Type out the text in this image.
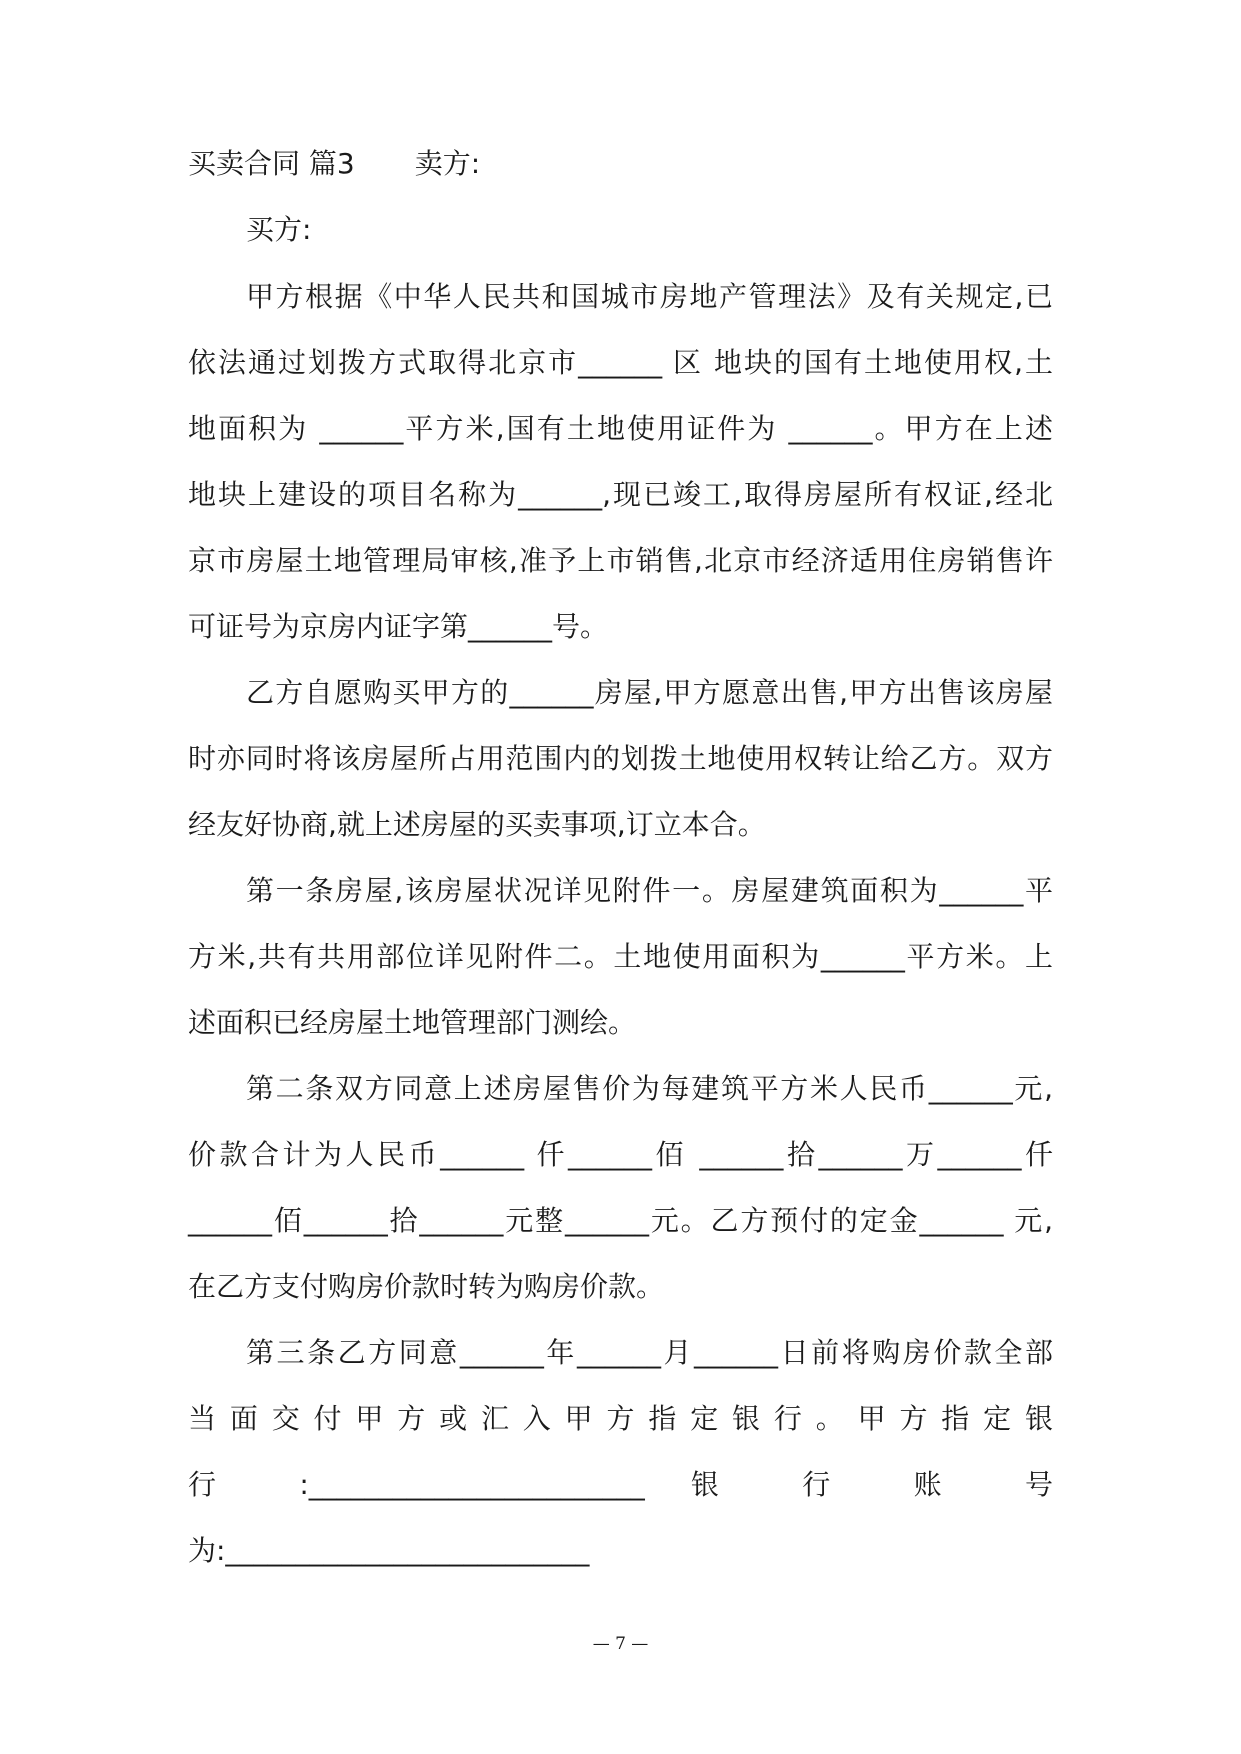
买卖合同 篇3 卖方:
买方:
甲方根据《中华人民共和国城市房地产管理法》及有关规定,已
依法通过划拨方式取得北京市______ 区 地块的国有土地使用权,土
地面积为 ______平方米,国有土地使用证件为 ______。甲方在上述
地块上建设的项目名称为______,现已竣工,取得房屋所有权证,经北
京市房屋土地管理局审核,准予上市销售,北京市经济适用住房销售许
可证号为京房内证字第______号。
乙方自愿购买甲方的______房屋,甲方愿意出售,甲方出售该房屋
时亦同时将该房屋所占用范围内的划拨土地使用权转让给乙方。双方
经友好协商,就上述房屋的买卖事项,订立本合。
第一条房屋,该房屋状况详见附件一。房屋建筑面积为______平
方米,共有共用部位详见附件二。土地使用面积为______平方米。上
述面积已经房屋土地管理部门测绘。
第二条双方同意上述房屋售价为每建筑平方米人民币______元,
价款合计为人民币______ 仟______佰 ______拾______万______仟
______佰______拾______元整______元。乙方预付的定金______ 元,
在乙方支付购房价款时转为购房价款。
第三条乙方同意______年______月______日前将购房价款全部
当面交付甲方或汇入甲方指定银行。甲方指定银
行 :________________________ 银 行 账 号
为:__________________________
— 7 —
